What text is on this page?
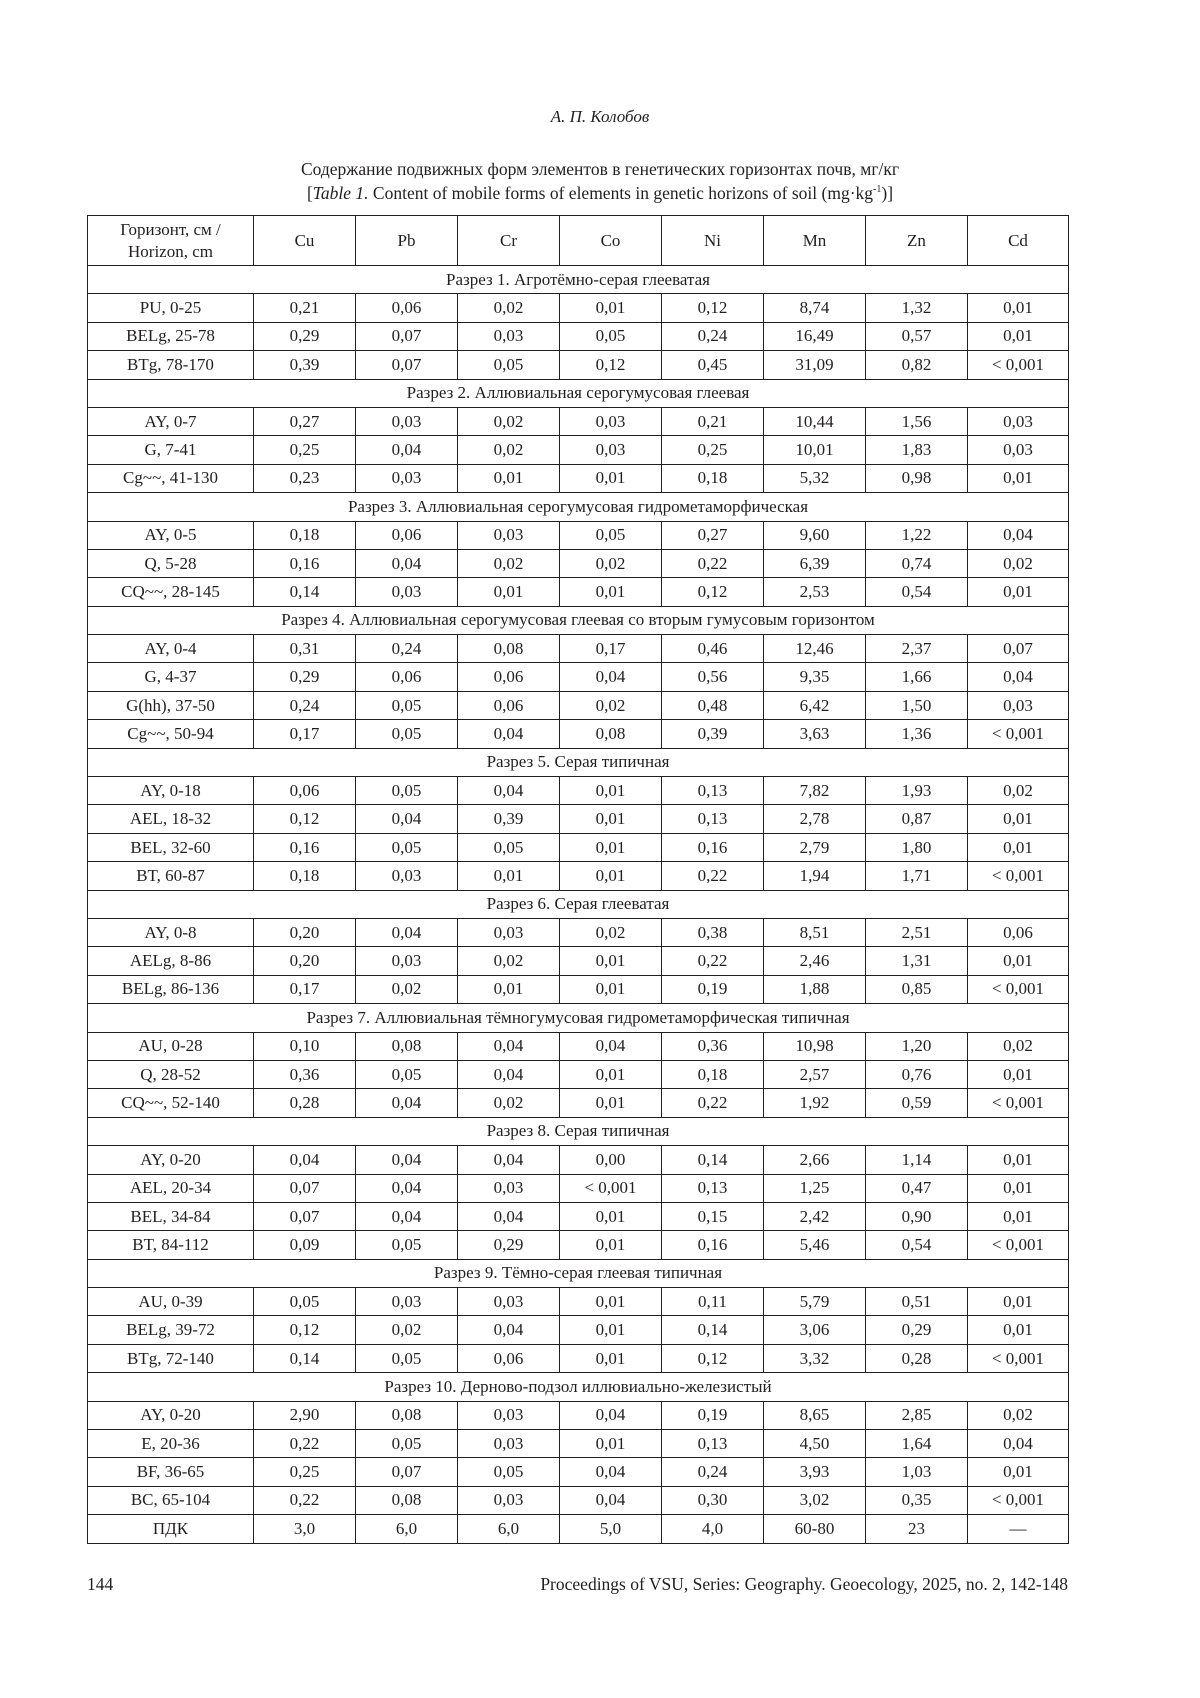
А. П. Колобов
Содержание подвижных форм элементов в генетических горизонтах почв, мг/кг
[Table 1. Content of mobile forms of elements in genetic horizons of soil $(mg\cdot kg^{-1})$]
Горизонт, см /
Horizon, cm	Cu	Pb	Cr	Co	Ni	Mn	Zn	Cd
Разрез 1. Агротёмно-серая глееватая								
PU, 0-25	0,21	0,06	0,02	0,01	0,12	8,74	1,32	0,01
BELg, 25-78	0,29	0,07	0,03	0,05	0,24	16,49	0,57	0,01
BTg, 78-170	0,39	0,07	0,05	0,12	0,45	31,09	0,82	< 0,001
Разрез 2. Аллювиальная серогумусовая глеевая								
AY, 0-7	0,27	0,03	0,02	0,03	0,21	10,44	1,56	0,03
G, 7-41	0,25	0,04	0,02	0,03	0,25	10,01	1,83	0,03
Cg~~, 41-130	0,23	0,03	0,01	0,01	0,18	5,32	0,98	0,01
Разрез 3. Аллювиальная серогумусовая гидрометаморфическая								
AY, 0-5	0,18	0,06	0,03	0,05	0,27	9,60	1,22	0,04
Q, 5-28	0,16	0,04	0,02	0,02	0,22	6,39	0,74	0,02
CQ~~, 28-145	0,14	0,03	0,01	0,01	0,12	2,53	0,54	0,01
Разрез 4. Аллювиальная серогумусовая глеевая со вторым гумусовым горизонтом								
AY, 0-4	0,31	0,24	0,08	0,17	0,46	12,46	2,37	0,07
G, 4-37	0,29	0,06	0,06	0,04	0,56	9,35	1,66	0,04
G(hh), 37-50	0,24	0,05	0,06	0,02	0,48	6,42	1,50	0,03
Cg~~, 50-94	0,17	0,05	0,04	0,08	0,39	3,63	1,36	< 0,001
Разрез 5. Серая типичная								
AY, 0-18	0,06	0,05	0,04	0,01	0,13	7,82	1,93	0,02
AEL, 18-32	0,12	0,04	0,39	0,01	0,13	2,78	0,87	0,01
BEL, 32-60	0,16	0,05	0,05	0,01	0,16	2,79	1,80	0,01
BT, 60-87	0,18	0,03	0,01	0,01	0,22	1,94	1,71	< 0,001
Разрез 6. Серая глееватая								
AY, 0-8	0,20	0,04	0,03	0,02	0,38	8,51	2,51	0,06
AELg, 8-86	0,20	0,03	0,02	0,01	0,22	2,46	1,31	0,01
BELg, 86-136	0,17	0,02	0,01	0,01	0,19	1,88	0,85	< 0,001
Разрез 7. Аллювиальная тёмногумусовая гидрометаморфическая типичная								
AU, 0-28	0,10	0,08	0,04	0,04	0,36	10,98	1,20	0,02
Q, 28-52	0,36	0,05	0,04	0,01	0,18	2,57	0,76	0,01
CQ~~, 52-140	0,28	0,04	0,02	0,01	0,22	1,92	0,59	< 0,001
Разрез 8. Серая типичная								
AY, 0-20	0,04	0,04	0,04	0,00	0,14	2,66	1,14	0,01
AEL, 20-34	0,07	0,04	0,03	< 0,001	0,13	1,25	0,47	0,01
BEL, 34-84	0,07	0,04	0,04	0,01	0,15	2,42	0,90	0,01
BT, 84-112	0,09	0,05	0,29	0,01	0,16	5,46	0,54	< 0,001
Разрез 9. Тёмно-серая глеевая типичная								
AU, 0-39	0,05	0,03	0,03	0,01	0,11	5,79	0,51	0,01
BELg, 39-72	0,12	0,02	0,04	0,01	0,14	3,06	0,29	0,01
BTg, 72-140	0,14	0,05	0,06	0,01	0,12	3,32	0,28	< 0,001
Разрез 10. Дерново-подзол иллювиально-железистый								
AY, 0-20	2,90	0,08	0,03	0,04	0,19	8,65	2,85	0,02
E, 20-36	0,22	0,05	0,03	0,01	0,13	4,50	1,64	0,04
BF, 36-65	0,25	0,07	0,05	0,04	0,24	3,93	1,03	0,01
BC, 65-104	0,22	0,08	0,03	0,04	0,30	3,02	0,35	< 0,001
ПДК	3,0	6,0	6,0	5,0	4,0	60-80	23	—
144	Proceedings of VSU, Series: Geography. Geoecology, 2025, no. 2, 142-148
